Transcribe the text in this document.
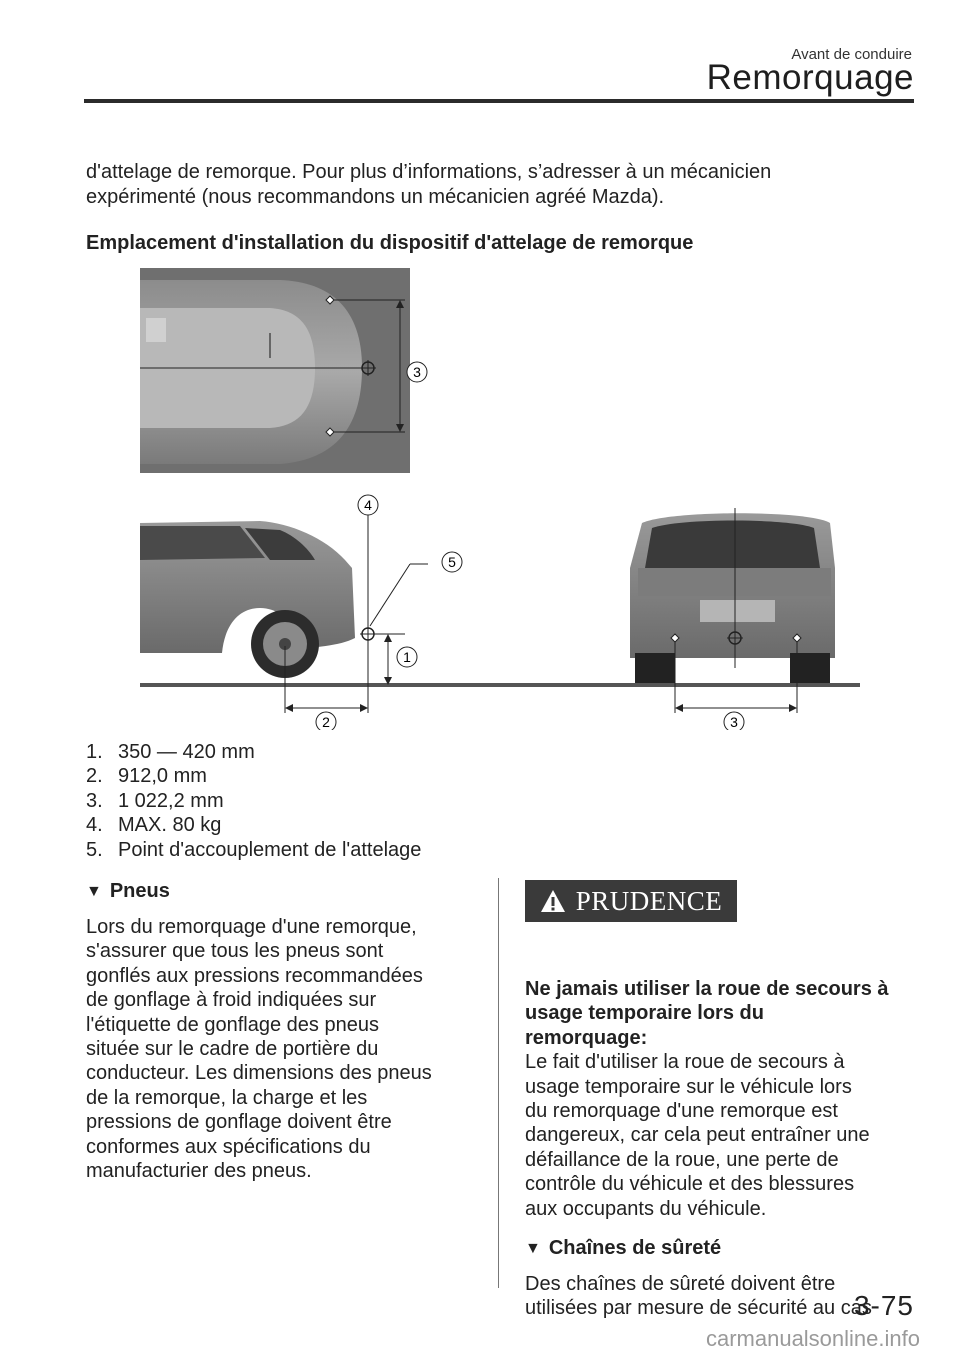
Avant de conduire
Remorquage

d'attelage de remorque. Pour plus d’informations, s’adresser à un mécanicien

expérimenté (nous recommandons un mécanicien agréé Mazda).

Emplacement d'installation du dispositif d'attelage de remorque
3
4
5
1
2	3
1. 350 — 420 mm
2. 912,0 mm
3. 1 022,2 mm
4. MAX. 80 kg
5. Point d'accouplement de l'attelage
▼ Pneus
Lors du remorquage d'une remorque,
s'assurer que tous les pneus sont
gonflés aux pressions recommandées
de gonflage à froid indiquées sur
l'étiquette de gonflage des pneus
située sur le cadre de portière du
conducteur. Les dimensions des pneus
de la remorque, la charge et les
pressions de gonflage doivent être
conformes aux spécifications du
manufacturier des pneus.
PRUDENCE
Ne jamais utiliser la roue de secours à
usage temporaire lors du
remorquage:
Le fait d'utiliser la roue de secours à
usage temporaire sur le véhicule lors
du remorquage d'une remorque est
dangereux, car cela peut entraîner une
défaillance de la roue, une perte de
contrôle du véhicule et des blessures
aux occupants du véhicule.
▼ Chaînes de sûreté
Des chaînes de sûreté doivent être
utilisées par mesure de sécurité au cas
3-75
carmanualsonline.info
